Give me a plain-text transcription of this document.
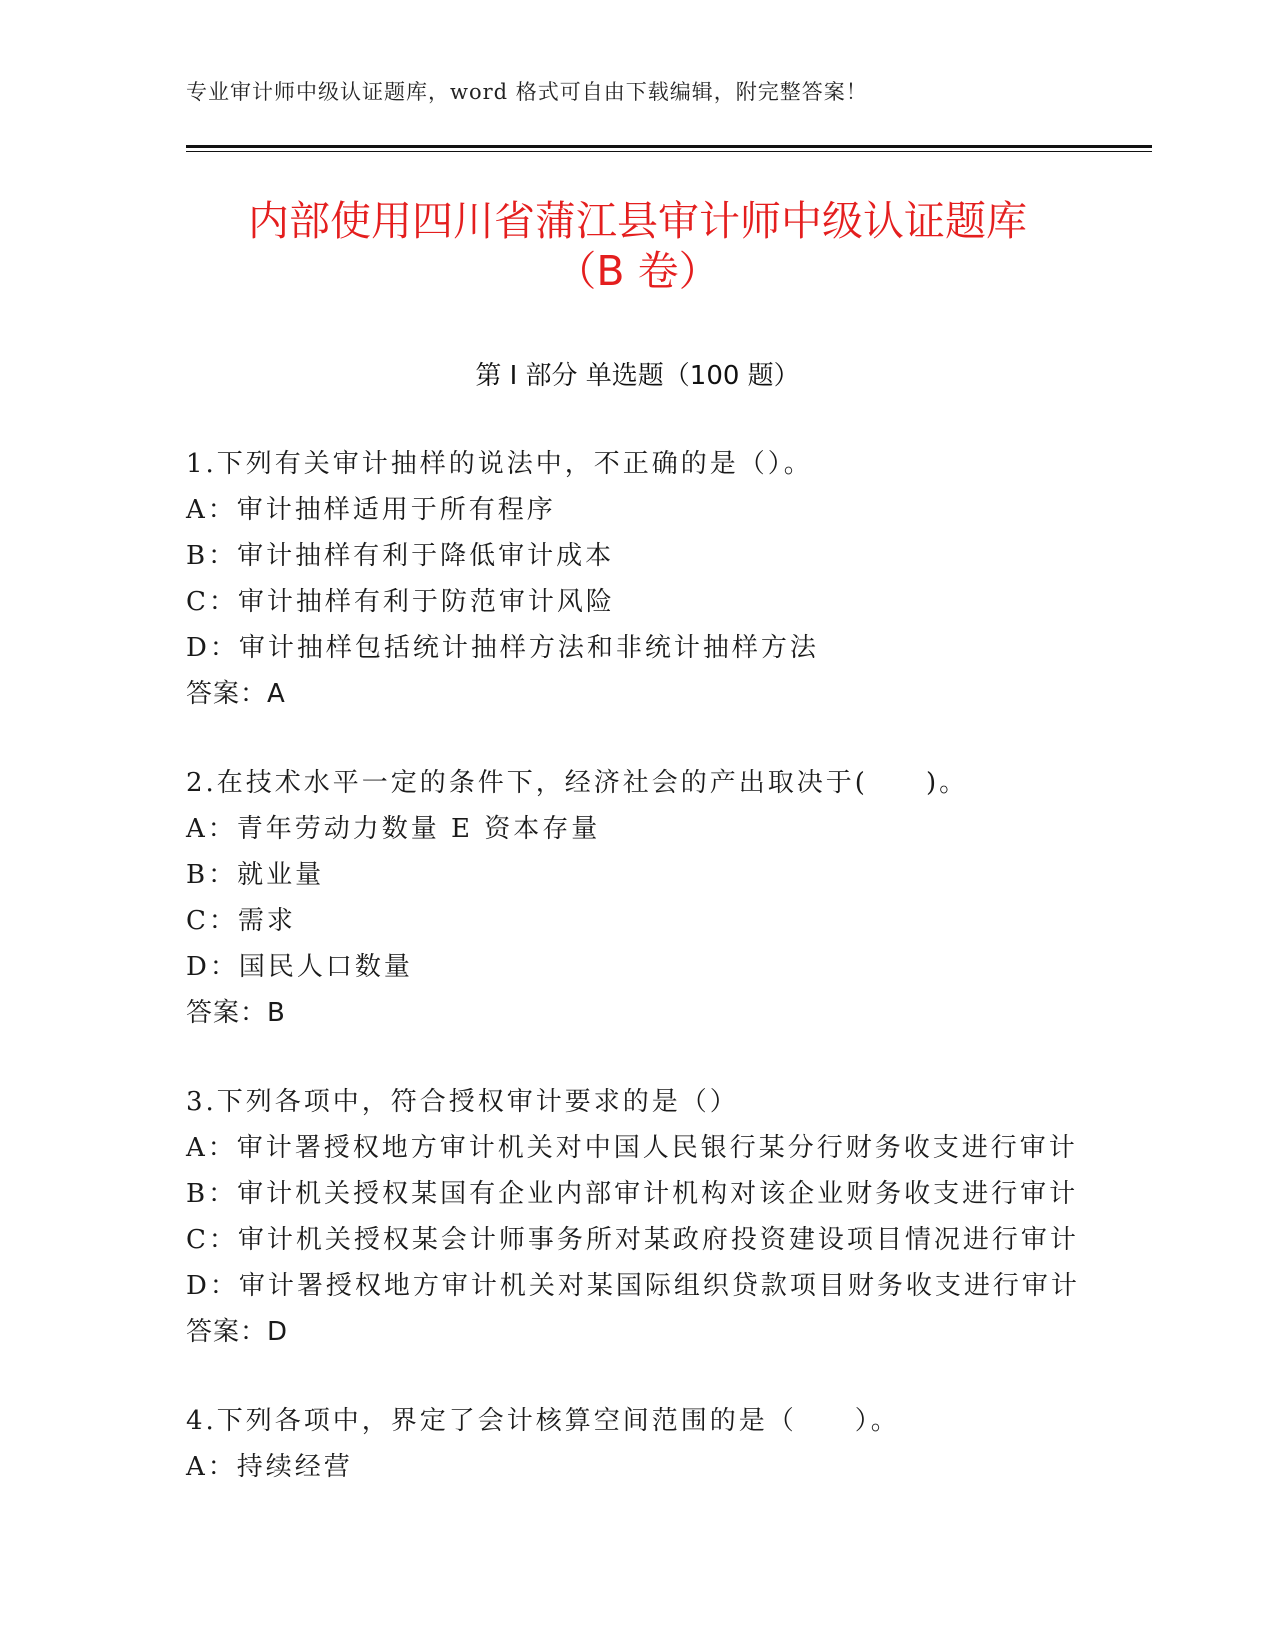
专业审计师中级认证题库，word 格式可自由下载编辑，附完整答案！
内部使用四川省蒲江县审计师中级认证题库
（B 卷）
第 I 部分 单选题（100 题）
1.下列有关审计抽样的说法中，不正确的是（）。
A：审计抽样适用于所有程序
B：审计抽样有利于降低审计成本
C：审计抽样有利于防范审计风险
D：审计抽样包括统计抽样方法和非统计抽样方法
答案：A
2.在技术水平一定的条件下，经济社会的产出取决于(　　)。
A：青年劳动力数量 E 资本存量
B：就业量
C：需求
D：国民人口数量
答案：B
3.下列各项中，符合授权审计要求的是（）
A：审计署授权地方审计机关对中国人民银行某分行财务收支进行审计
B：审计机关授权某国有企业内部审计机构对该企业财务收支进行审计
C：审计机关授权某会计师事务所对某政府投资建设项目情况进行审计
D：审计署授权地方审计机关对某国际组织贷款项目财务收支进行审计
答案：D
4.下列各项中，界定了会计核算空间范围的是（　　）。
A：持续经营
